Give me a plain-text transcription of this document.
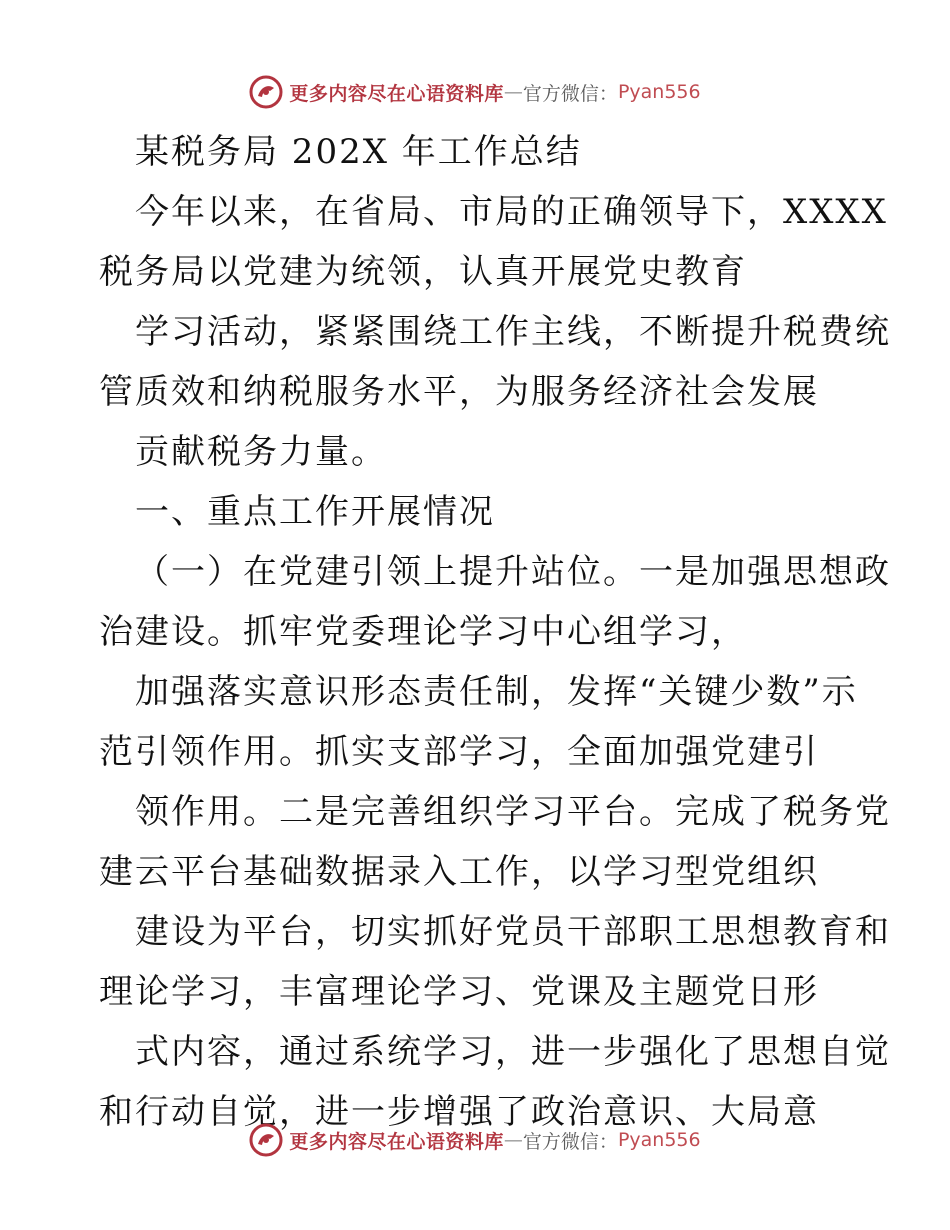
更多内容尽在心语资料库 — 官方微信： Pyan556
某税务局 202X 年工作总结
今年以来，在省局、市局的正确领导下，XXXX
税务局以党建为统领，认真开展党史教育
学习活动，紧紧围绕工作主线，不断提升税费统
管质效和纳税服务水平，为服务经济社会发展
贡献税务力量。
一、重点工作开展情况
（一）在党建引领上提升站位。一是加强思想政
治建设。抓牢党委理论学习中心组学习，
加强落实意识形态责任制，发挥“关键少数”示
范引领作用。抓实支部学习，全面加强党建引
领作用。二是完善组织学习平台。完成了税务党
建云平台基础数据录入工作，以学习型党组织
建设为平台，切实抓好党员干部职工思想教育和
理论学习，丰富理论学习、党课及主题党日形
式内容，通过系统学习，进一步强化了思想自觉
和行动自觉，进一步增强了政治意识、大局意
更多内容尽在心语资料库 — 官方微信： Pyan556
